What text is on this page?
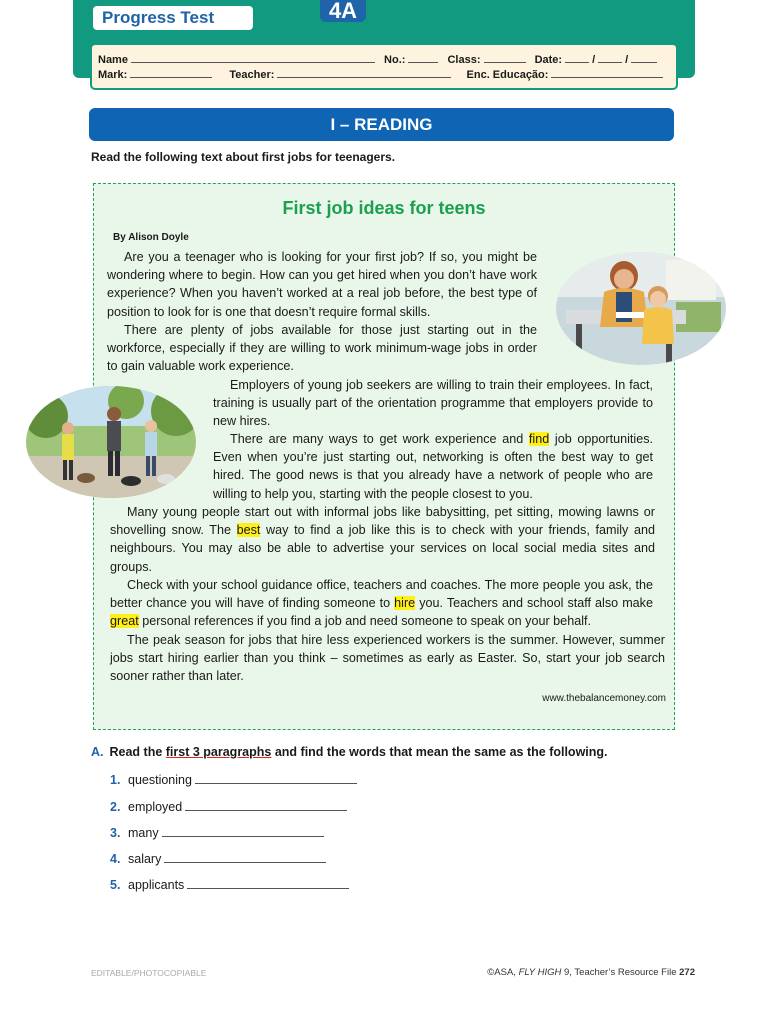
Progress Test	4A
Name	No.:	Class:	Date:	/	/
Mark:	Teacher:	Enc. Educação:
I – READING
Read the following text about first jobs for teenagers.
First job ideas for teens
By Alison Doyle
Are you a teenager who is looking for your first job? If so, you might be wondering where to begin. How can you get hired when you don’t have work experience? When you haven’t worked at a real job before, the best type of position to look for is one that doesn’t require formal skills.
There are plenty of jobs available for those just starting out in the workforce, especially if they are willing to work minimum-wage jobs in order to gain valuable work experience.
Employers of young job seekers are willing to train their employees. In fact, training is usually part of the orientation programme that employers provide to new hires.
There are many ways to get work experience and find job opportunities. Even when you’re just starting out, networking is often the best way to get hired. The good news is that you already have a network of people who are willing to help you, starting with the people closest to you.
Many young people start out with informal jobs like babysitting, pet sitting, mowing lawns or shovelling snow. The best way to find a job like this is to check with your friends, family and neighbours. You may also be able to advertise your services on local social media sites and groups.
Check with your school guidance office, teachers and coaches. The more people you ask, the better chance you will have of finding someone to hire you. Teachers and school staff also make great personal references if you find a job and need someone to speak on your behalf.
The peak season for jobs that hire less experienced workers is the summer. However, summer jobs start hiring earlier than you think – sometimes as early as Easter. So, start your job search sooner rather than later.
www.thebalancemoney.com
A. Read the first 3 paragraphs and find the words that mean the same as the following.
1. questioning
2. employed
3. many
4. salary
5. applicants
EDITABLE/PHOTOCOPIABLE	©ASA, FLY HIGH 9, Teacher’s Resource File 272
